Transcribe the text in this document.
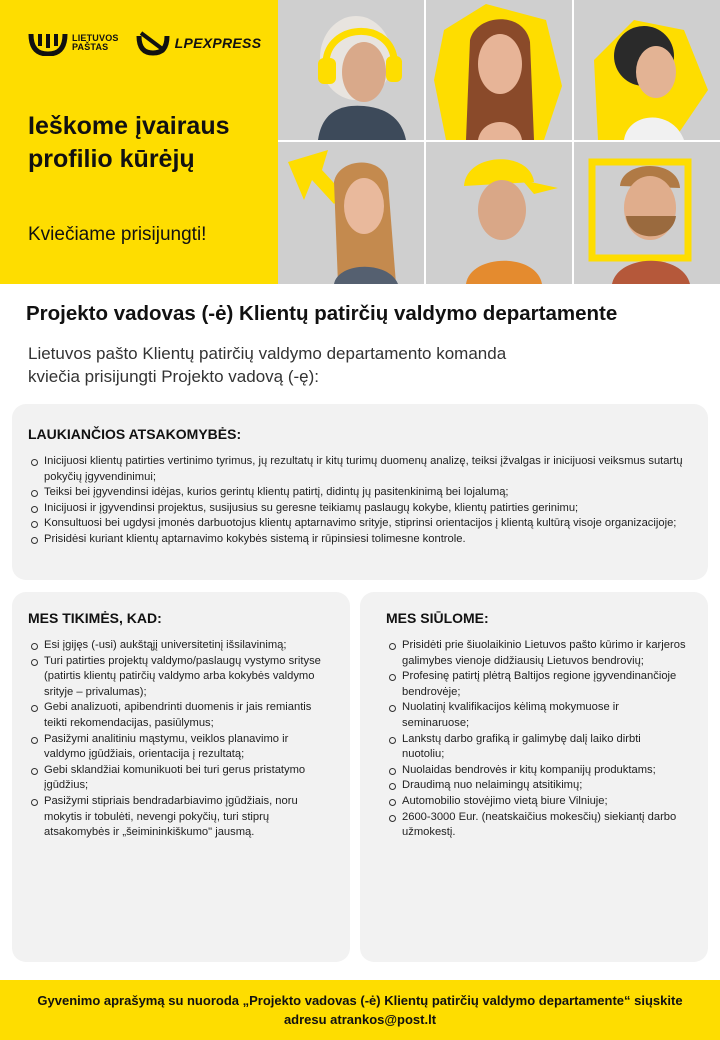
LIETUVOS
PAŠTAS	LPEXPRESS
Ieškome įvairaus profilio kūrėjų
Kviečiame prisijungti!
Projekto vadovas (-ė) Klientų patirčių valdymo departamente
Lietuvos pašto Klientų patirčių valdymo departamento komanda
kviečia prisijungti Projekto vadovą (-ę):
LAUKIANČIOS ATSAKOMYBĖS:
Inicijuosi klientų patirties vertinimo tyrimus, jų rezultatų ir kitų turimų duomenų analizę, teiksi įžvalgas ir inicijuosi veiksmus sutartų pokyčių įgyvendinimui;
Teiksi bei įgyvendinsi idėjas, kurios gerintų klientų patirtį, didintų jų pasitenkinimą bei lojalumą;
Inicijuosi ir įgyvendinsi projektus, susijusius su geresne teikiamų paslaugų kokybe, klientų patirties gerinimu;
Konsultuosi bei ugdysi įmonės darbuotojus klientų aptarnavimo srityje, stiprinsi orientacijos į klientą kultūrą visoje organizacijoje;
Prisidėsi kuriant klientų aptarnavimo kokybės sistemą ir rūpinsiesi tolimesne kontrole.
MES TIKIMĖS, KAD:
Esi įgijęs (-usi) aukštąjį universitetinį išsilavinimą;
Turi patirties projektų valdymo/paslaugų vystymo srityse (patirtis klientų patirčių valdymo arba kokybės valdymo srityje – privalumas);
Gebi analizuoti, apibendrinti duomenis ir jais remiantis teikti rekomendacijas, pasiūlymus;
Pasižymi analitiniu mąstymu, veiklos planavimo ir valdymo įgūdžiais, orientacija į rezultatą;
Gebi sklandžiai komunikuoti bei turi gerus pristatymo įgūdžius;
Pasižymi stipriais bendradarbiavimo įgūdžiais, noru mokytis ir tobulėti, nevengi pokyčių, turi stiprų atsakomybės ir „šeimininkiškumo" jausmą.
MES SIŪLOME:
Prisidėti prie šiuolaikinio Lietuvos pašto kūrimo ir karjeros galimybes vienoje didžiausių Lietuvos bendrovių;
Profesinę patirtį plėtrą Baltijos regione įgyvendinančioje bendrovėje;
Nuolatinį kvalifikacijos kėlimą mokymuose ir seminaruose;
Lankstų darbo grafiką ir galimybę dalį laiko dirbti nuotoliu;
Nuolaidas bendrovės ir kitų kompanijų produktams;
Draudimą nuo nelaimingų atsitikimų;
Automobilio stovėjimo vietą biure Vilniuje;
2600-3000 Eur. (neatskaičius mokesčių) siekiantį darbo užmokestį.
Gyvenimo aprašymą su nuoroda „Projekto vadovas (-ė) Klientų patirčių valdymo departamente“ siųskite adresu atrankos@post.lt
